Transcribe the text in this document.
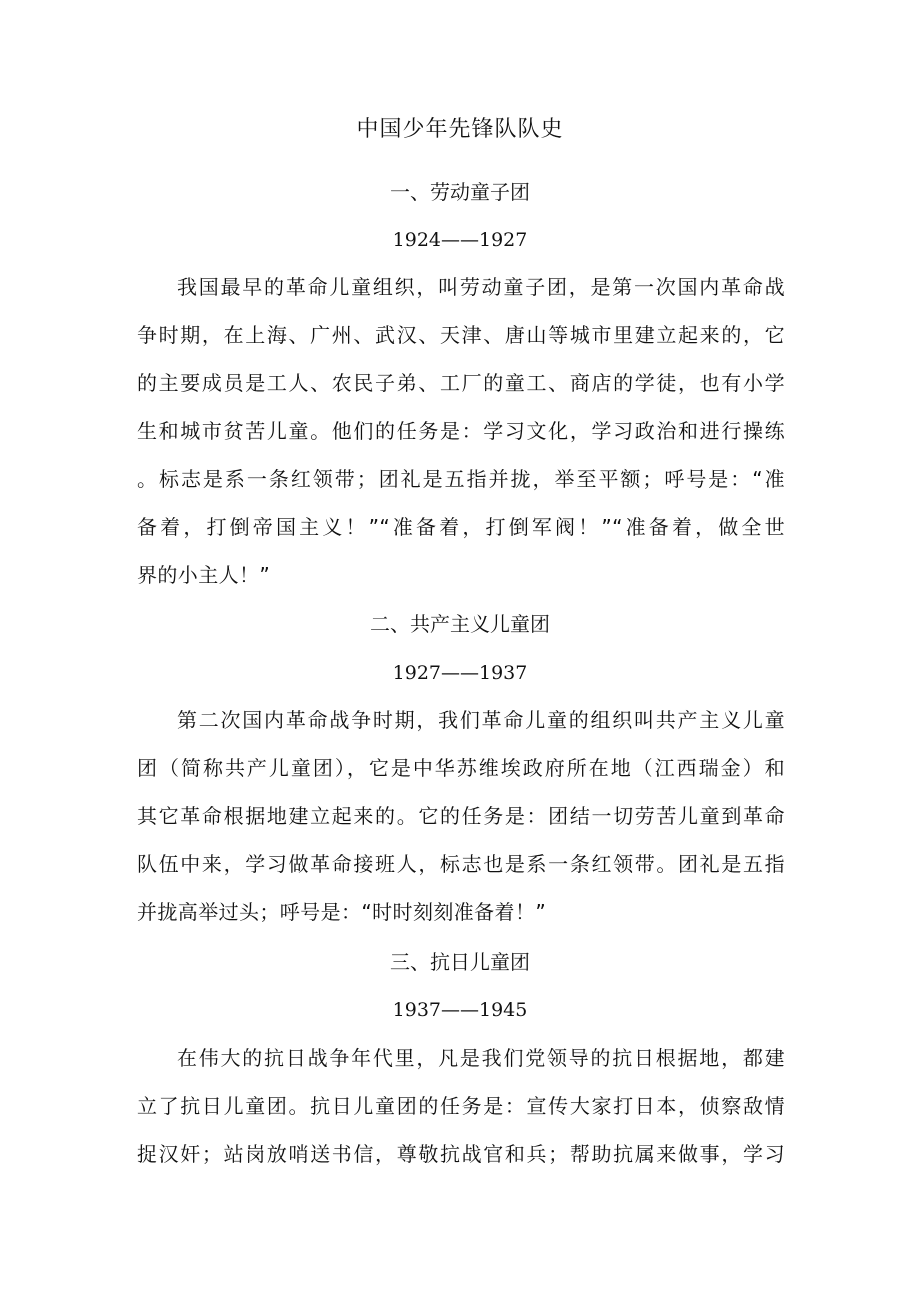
中国少年先锋队队史
一、劳动童子团
1924——1927
我国最早的革命儿童组织，叫劳动童子团，是第一次国内革命战
争时期，在上海、广州、武汉、天津、唐山等城市里建立起来的，它
的主要成员是工人、农民子弟、工厂的童工、商店的学徒，也有小学
生和城市贫苦儿童。他们的任务是：学习文化，学习政治和进行操练
。标志是系一条红领带；团礼是五指并拢，举至平额；呼号是：“准
备着，打倒帝国主义！”“准备着，打倒军阀！”“准备着，做全世
界的小主人！”
二、共产主义儿童团
1927——1937
第二次国内革命战争时期，我们革命儿童的组织叫共产主义儿童
团（简称共产儿童团），它是中华苏维埃政府所在地（江西瑞金）和
其它革命根据地建立起来的。它的任务是：团结一切劳苦儿童到革命
队伍中来，学习做革命接班人，标志也是系一条红领带。团礼是五指
并拢高举过头；呼号是：“时时刻刻准备着！”
三、抗日儿童团
1937——1945
在伟大的抗日战争年代里，凡是我们党领导的抗日根据地，都建
立了抗日儿童团。抗日儿童团的任务是：宣传大家打日本，侦察敌情
捉汉奸；站岗放哨送书信，尊敬抗战官和兵；帮助抗属来做事，学习
